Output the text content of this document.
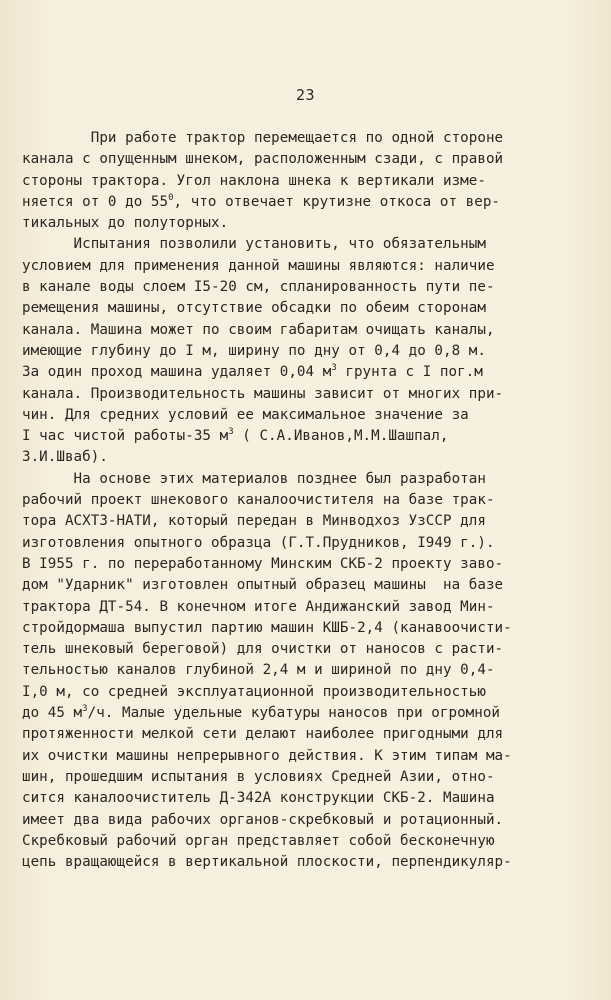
23
При работе трактор перемещается по одной стороне
канала с опущенным шнеком, расположенным сзади, с правой
стороны трактора. Угол наклона шнека к вертикали изме-
няется от 0 до $55^0$, что отвечает крутизне откоса от вер-
тикальных до полуторных.
Испытания позволили установить, что обязательным
условием для применения данной машины являются: наличие
в канале воды слоем I5-20 см, спланированность пути пе-
ремещения машины, отсутствие обсадки по обеим сторонам
канала. Машина может по своим габаритам очищать каналы,
имеющие глубину до I м, ширину по дну от 0,4 до 0,8 м.
За один проход машина удаляет 0,04 $м^3$ грунта с I пог.м
канала. Производительность машины зависит от многих при-
чин. Для средних условий ее максимальное значение за
I час чистой работы-35 $м^3$ ( С.А.Иванов,М.М.Шашпал,
З.И.Шваб).
На основе этих материалов позднее был разработан
рабочий проект шнекового каналоочистителя на базе трак-
тора АСХТЗ-НАТИ, который передан в Минводхоз УзССР для
изготовления опытного образца (Г.Т.Прудников, I949 г.).
В I955 г. по переработанному Минским СКБ-2 проекту заво-
дом "Ударник" изготовлен опытный образец машины  на базе
трактора ДТ-54. В конечном итоге Андижанский завод Мин-
стройдормаша выпустил партию машин КШБ-2,4 (канавоочисти-
тель шнековый береговой) для очистки от наносов с расти-
тельностью каналов глубиной 2,4 м и шириной по дну 0,4-
I,0 м, со средней эксплуатационной производительностью
до 45 $м^3/ч$. Малые удельные кубатуры наносов при огромной
протяженности мелкой сети делают наиболее пригодными для
их очистки машины непрерывного действия. К этим типам ма-
шин, прошедшим испытания в условиях Средней Азии, отно-
сится каналоочиститель Д-342А конструкции СКБ-2. Машина
имеет два вида рабочих органов-скребковый и ротационный.
Скребковый рабочий орган представляет собой бесконечную
цепь вращающейся в вертикальной плоскости, перпендикуляр-
